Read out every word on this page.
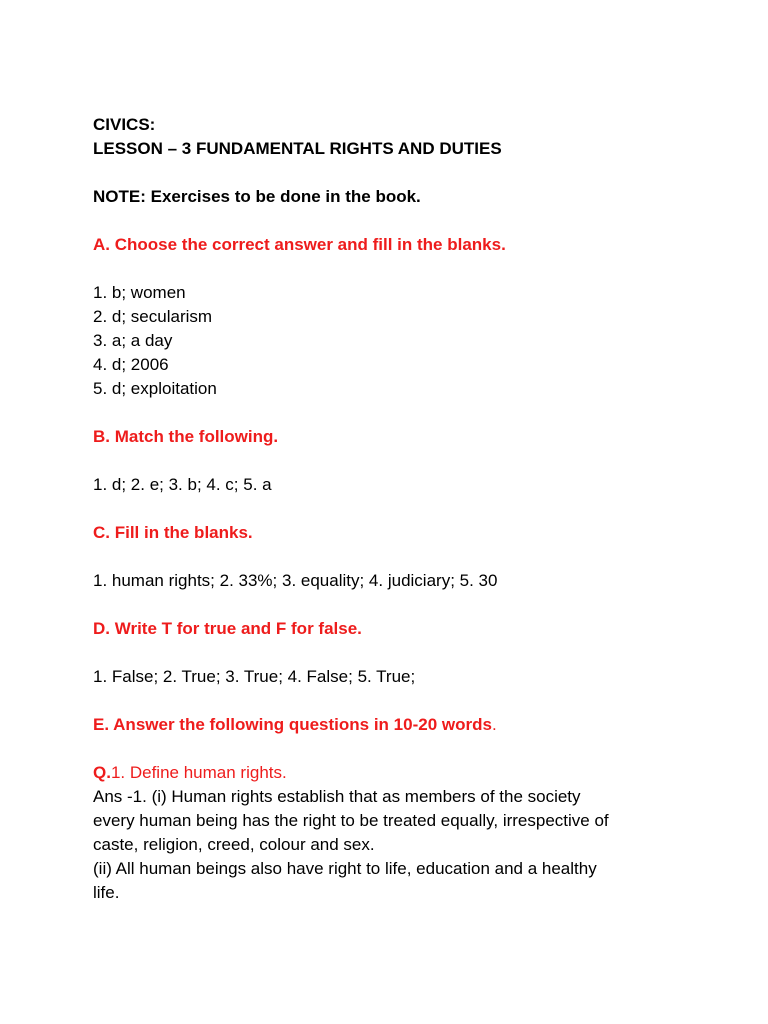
CIVICS:
LESSON – 3 FUNDAMENTAL RIGHTS AND DUTIES
NOTE: Exercises to be done in the book.
A. Choose the correct answer and fill in the blanks.
1. b; women
2. d; secularism
3. a; a day
4. d; 2006
5. d; exploitation
B. Match the following.
1. d; 2. e; 3. b; 4. c; 5. a
C. Fill in the blanks.
1. human rights; 2. 33%; 3. equality; 4. judiciary; 5. 30
D. Write T for true and F for false.
1. False; 2. True; 3. True; 4. False; 5. True;
E. Answer the following questions in 10-20 words.
Q.1. Define human rights.
Ans -1. (i) Human rights establish that as members of the society
every human being has the right to be treated equally, irrespective of
caste, religion, creed, colour and sex.
(ii) All human beings also have right to life, education and a healthy
life.
